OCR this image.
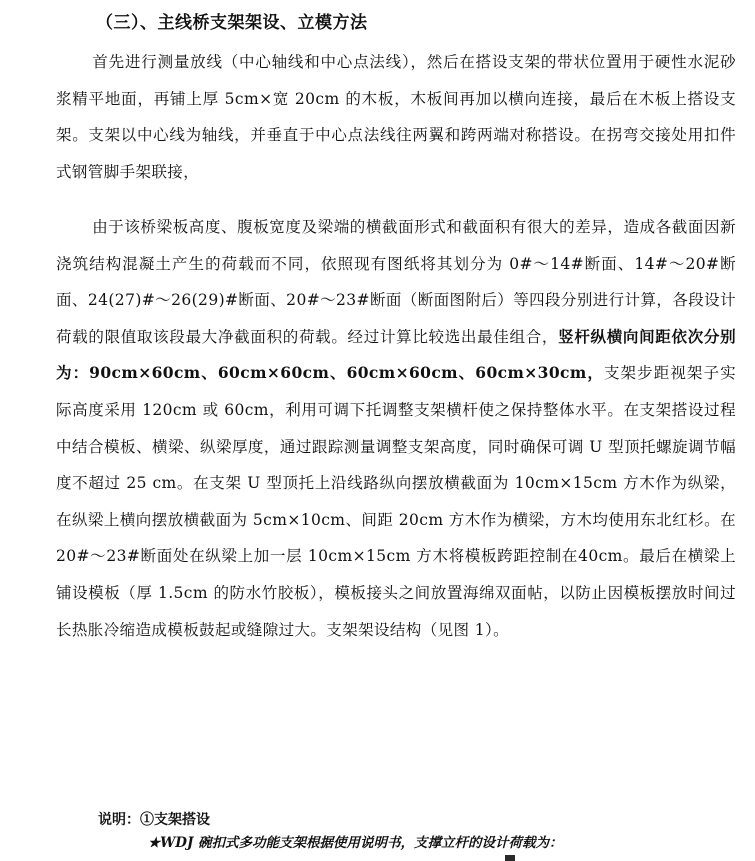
（三）、主线桥支架架设、立模方法
首先进行测量放线（中心轴线和中心点法线），然后在搭设支架的带状位置用于硬性水泥砂浆精平地面，再铺上厚 5cm×宽 20cm 的木板，木板间再加以横向连接，最后在木板上搭设支架。支架以中心线为轴线，并垂直于中心点法线往两翼和跨两端对称搭设。在拐弯交接处用扣件式钢管脚手架联接，
由于该桥梁板高度、腹板宽度及梁端的横截面形式和截面积有很大的差异，造成各截面因新浇筑结构混凝土产生的荷载而不同，依照现有图纸将其划分为 0#～14#断面、14#～20#断面、24(27)#～26(29)#断面、20#～23#断面（断面图附后）等四段分别进行计算，各段设计荷载的限值取该段最大净截面积的荷载。经过计算比较选出最佳组合，竖杆纵横向间距依次分别为：90cm×60cm、60cm×60cm、60cm×60cm、60cm×30cm，支架步距视架子实际高度采用 120cm 或 60cm，利用可调下托调整支架横杆使之保持整体水平。在支架搭设过程中结合模板、横梁、纵梁厚度，通过跟踪测量调整支架高度，同时确保可调 U 型顶托螺旋调节幅度不超过 25 cm。在支架 U 型顶托上沿线路纵向摆放横截面为 10cm×15cm 方木作为纵梁，在纵梁上横向摆放横截面为 5cm×10cm、间距 20cm 方木作为横梁，方木均使用东北红杉。在 20#～23#断面处在纵梁上加一层 10cm×15cm 方木将模板跨距控制在40cm。最后在横梁上铺设模板（厚 1.5cm 的防水竹胶板），模板接头之间放置海绵双面帖，以防止因模板摆放时间过长热胀冷缩造成模板鼓起或缝隙过大。支架架设结构（见图 1）。
说明：①支架搭设
★WDJ 碗扣式多功能支架根据使用说明书，支撑立杆的设计荷载为：
